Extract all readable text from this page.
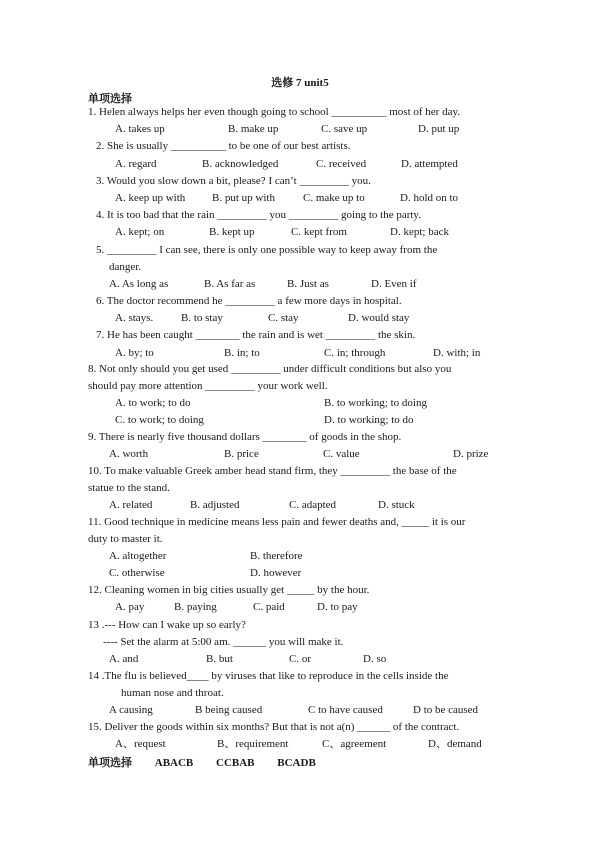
选修 7 unit5
单项选择
1. Helen always helps her even though going to school __________ most of her day.
A. takes up	B. make up	C. save up	D. put up
2. She is usually __________ to be one of our best artists.
A. regard	B. acknowledged	C. received	D. attempted
3. Would you slow down a bit, please? I can’t _________ you.
A. keep up with B. put up with	C. make up to	D. hold on to
4. It is too bad that the rain _________ you _________ going to the party.
A. kept; on	B. kept up	C. kept from	D. kept; back
5. _________ I can see, there is only one possible way to keep away from the
danger.
A. As long as	B. As far as	B. Just as	D. Even if
6. The doctor recommend he _________ a few more days in hospital.
A. stays.	B. to stay	C. stay	D. would stay
7. He has been caught ________ the rain and is wet _________ the skin.
A. by; to	B. in; to	C. in; through	D. with; in
8. Not only should you get used _________ under difficult conditions but also you
should pay more attention _________ your work well.
A. to work; to do	B. to working; to doing
C. to work; to doing	D. to working; to do
9. There is nearly five thousand dollars ________ of goods in the shop.
A. worth	B. price	C. value	D. prize
10. To make valuable Greek amber head stand firm, they _________ the base of the
statue to the stand.
A. related	B. adjusted	C. adapted	D. stuck
11. Good technique in medicine means less pain and fewer deaths and, _____ it is our
duty to master it.
A. altogether	B. therefore
C. otherwise	D. however
12. Cleaning women in big cities usually get _____ by the hour.
A. pay	B. paying	C. paid	D. to pay
13 .--- How can I wake up so early?
---- Set the alarm at 5:00 am. ______ you will make it.
A. and	B. but	C. or	D. so
14 .The flu is believed____ by viruses that like to reproduce in the cells inside the
human nose and throat.
A causing	B being caused	C to have caused	D to be caused
15. Deliver the goods within six months? But that is not a(n) ______ of the contract.
A、request	B、requirement	C、agreement	D、demand
单项选择 ABACB CCBAB BCADB
